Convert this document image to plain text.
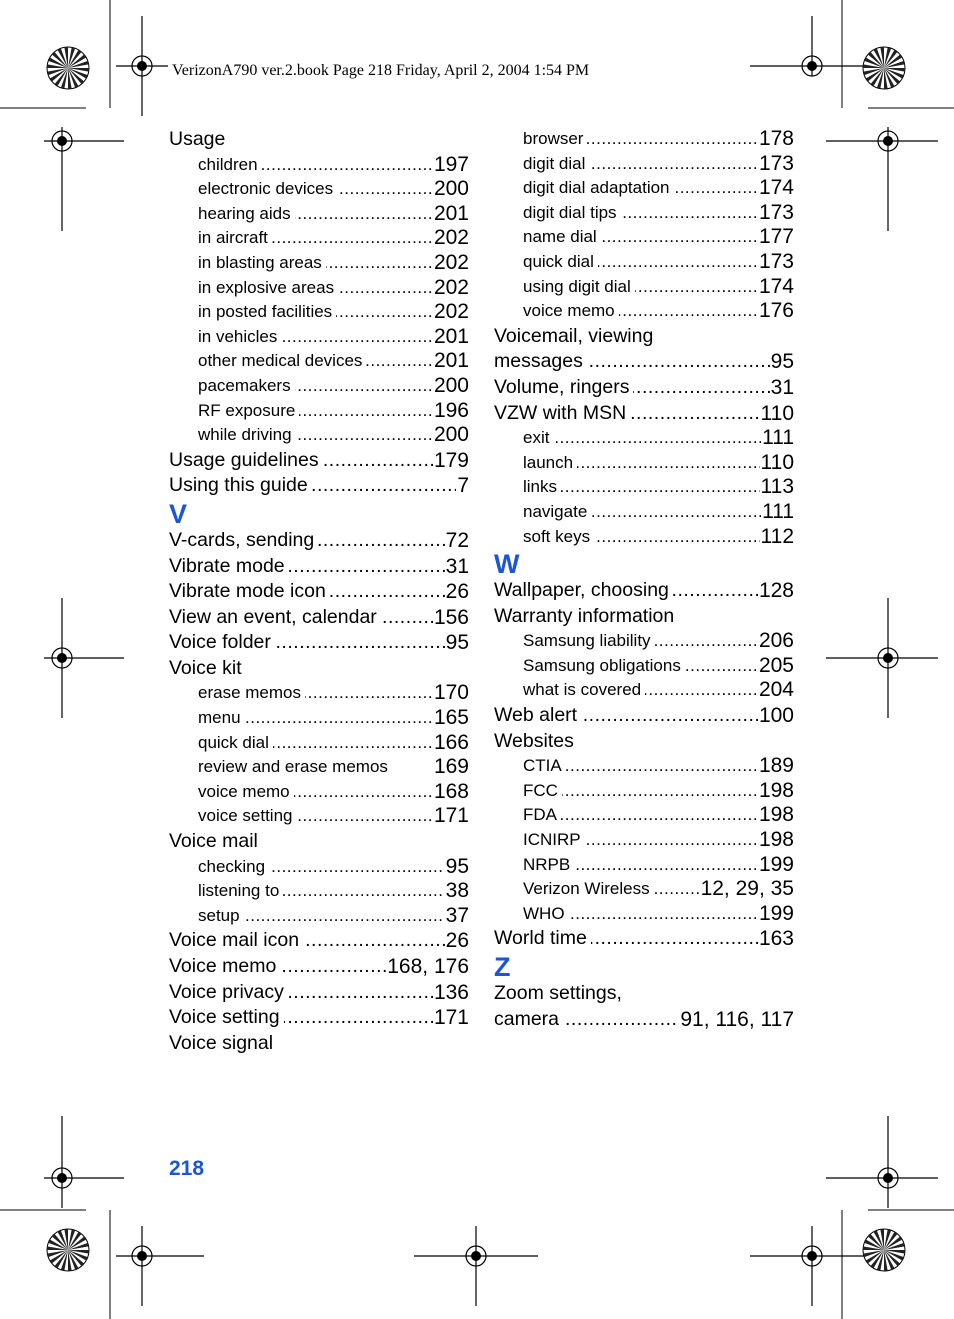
VerizonA790 ver.2.book Page 218 Friday, April 2, 2004 1:54 PM
Usage
children	197
.....
electronic devices	200
.....
hearing aids	201
.....
in aircraft	202
.....
in blasting areas	202
.....
in explosive areas	202
.....
in posted facilities	202
.....
in vehicles	201
.....
other medical devices	201
.....
pacemakers	200
.....
RF exposure	196
.....
while driving	200
.....
Usage guidelines	179
.....
Using this guide	7
.....
V
V-cards, sending	72
.....
Vibrate mode	31
.....
Vibrate mode icon	26
.....
View an event, calendar	156
.....
Voice folder	95
.....
Voice kit
erase memos	170
.....
menu	165
.....
quick dial	166
.....
review and erase memos 169
voice memo	168
.....
voice setting	171
.....
Voice mail
checking	95
.....
listening to	38
.....
setup	37
.....
Voice mail icon	26
.....
Voice memo	168, 176
.....
Voice privacy	136
.....
Voice setting	171
.....
Voice signal
browser	178
.....
digit dial	173
.....
digit dial adaptation	174
.....
digit dial tips	173
.....
name dial	177
.....
quick dial	173
.....
using digit dial	174
.....
voice memo	176
.....
Voicemail, viewing
messages	95
.....
Volume, ringers	31
.....
VZW with MSN	110
.....
exit	111
.....
launch	110
.....
links	113
.....
navigate	111
.....
soft keys	112
.....
W
Wallpaper, choosing	128
.....
Warranty information
Samsung liability	206
.....
Samsung obligations	205
.....
what is covered	204
.....
Web alert	100
.....
Websites
CTIA	189
.....
FCC	198
.....
FDA	198
.....
ICNIRP	198
.....
NRPB	199
.....
Verizon Wireless 12, 29, 35
.....
WHO	199
.....
World time	163
.....
Z
Zoom settings,
camera	91, 116, 117
.....
218
